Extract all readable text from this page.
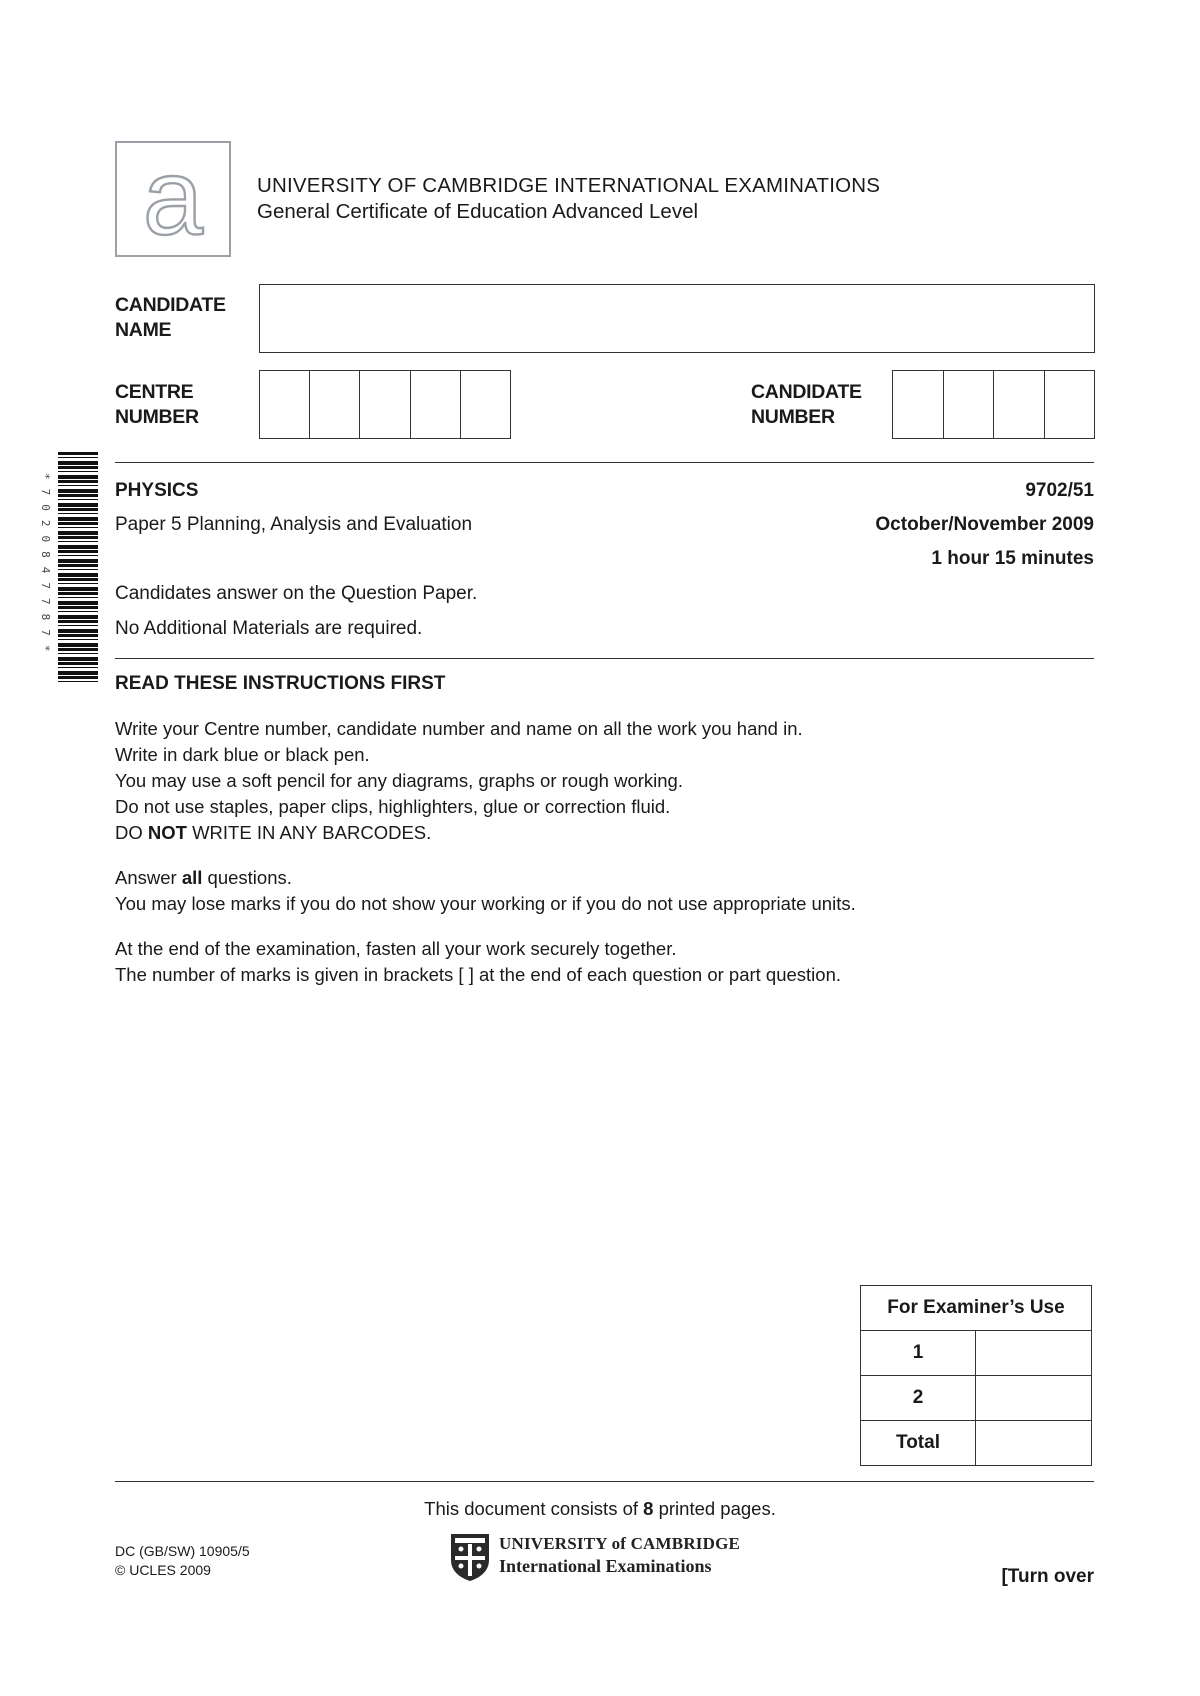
a	UNIVERSITY OF CAMBRIDGE INTERNATIONAL EXAMINATIONS
General Certificate of Education Advanced Level
CANDIDATE
NAME
CENTRE
NUMBER
CANDIDATE
NUMBER
*7020847787*	PHYSICS	9702/51
Paper 5 Planning, Analysis and Evaluation	October/November 2009
1 hour 15 minutes
Candidates answer on the Question Paper.
No Additional Materials are required.
READ THESE INSTRUCTIONS FIRST

Write your Centre number, candidate number and name on all the work you hand in.

Write in dark blue or black pen.

You may use a soft pencil for any diagrams, graphs or rough working.

Do not use staples, paper clips, highlighters, glue or correction fluid.

DO NOT WRITE IN ANY BARCODES.

Answer all questions.

You may lose marks if you do not show your working or if you do not use appropriate units.

At the end of the examination, fasten all your work securely together.

The number of marks is given in brackets [ ] at the end of each question or part question.

For Examiner’s Use	
1	
2	
Total	
This document consists of 8 printed pages.
DC (GB/SW) 10905/5
© UCLES 2009
UNIVERSITY of CAMBRIDGE
International Examinations	[Turn over
